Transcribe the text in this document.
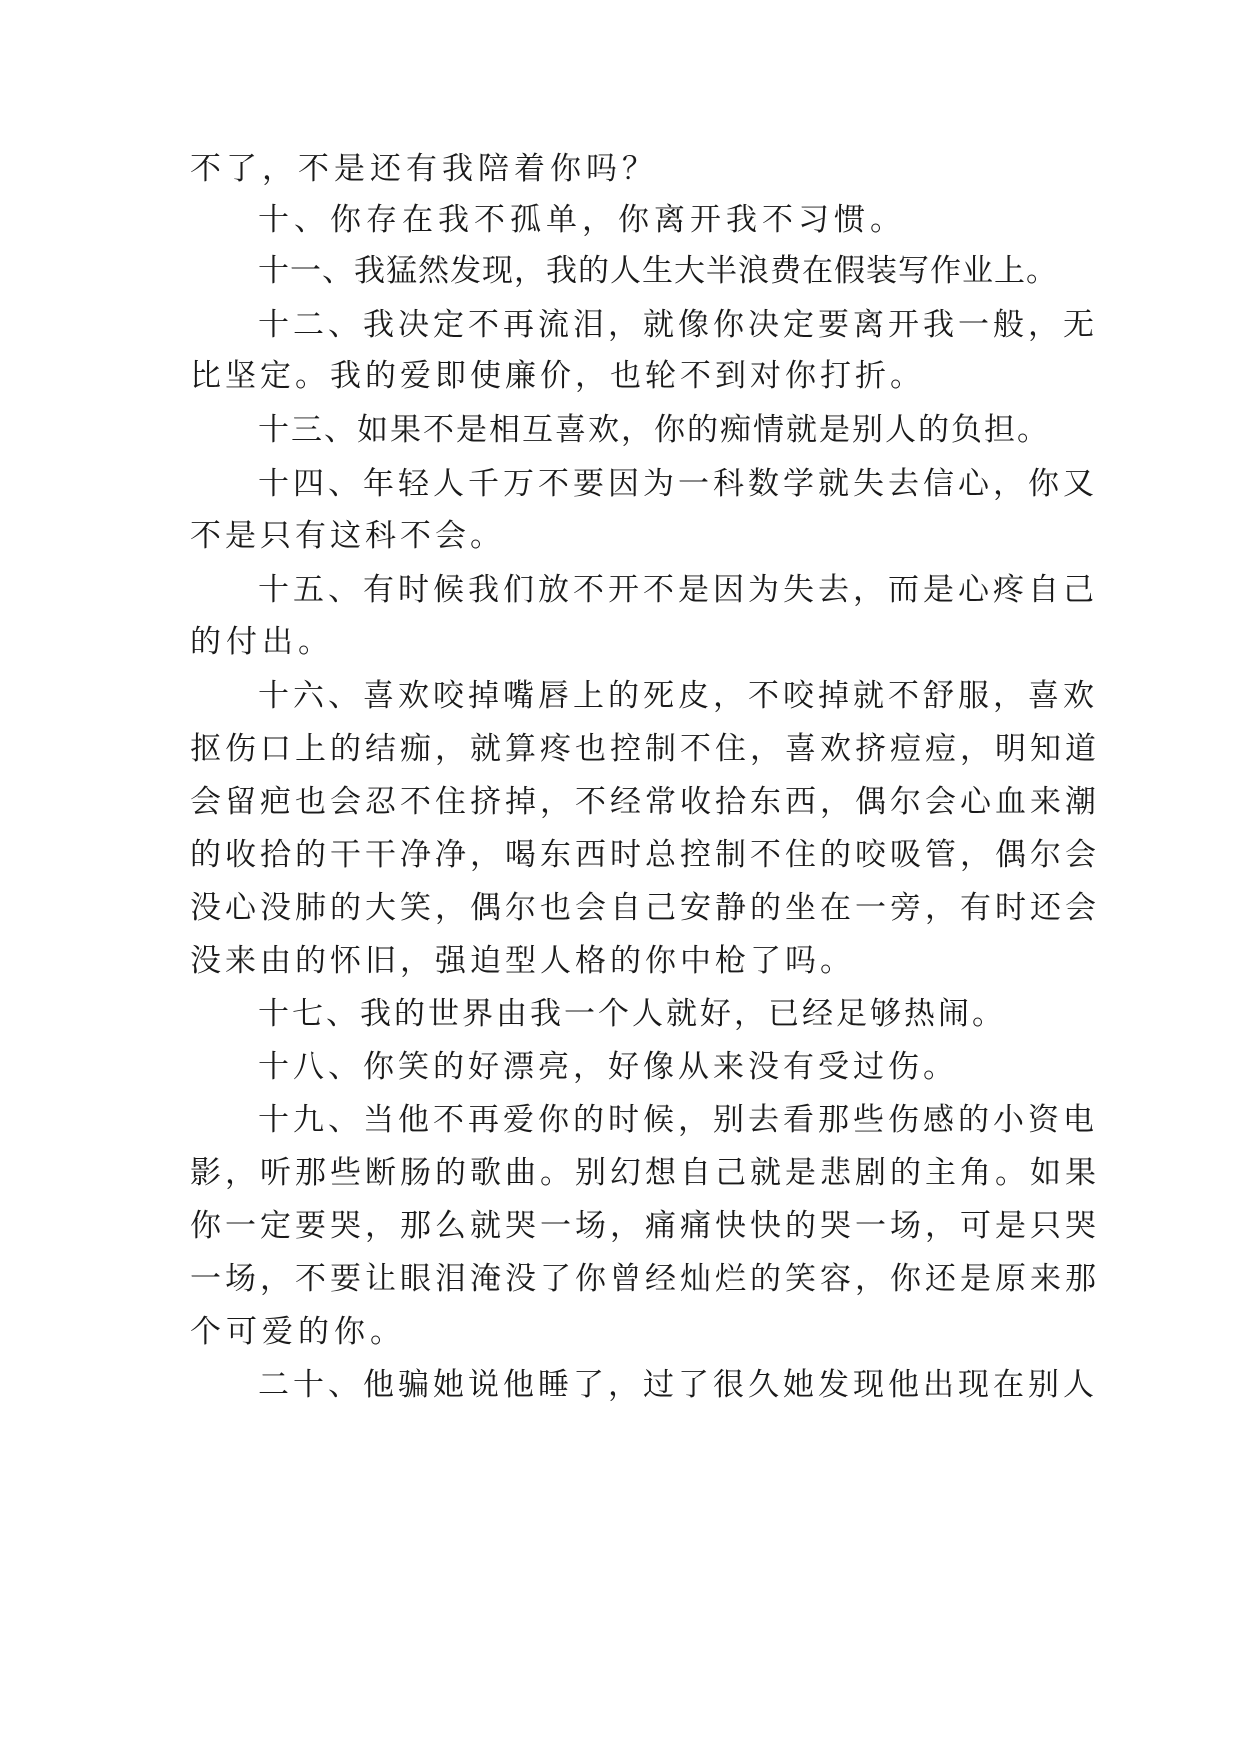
不了，不是还有我陪着你吗？
十、你存在我不孤单，你离开我不习惯。
十一、我猛然发现，我的人生大半浪费在假装写作业上。
十二、我决定不再流泪，就像你决定要离开我一般，无
比坚定。我的爱即使廉价，也轮不到对你打折。
十三、如果不是相互喜欢，你的痴情就是别人的负担。
十四、年轻人千万不要因为一科数学就失去信心，你又
不是只有这科不会。
十五、有时候我们放不开不是因为失去，而是心疼自己
的付出。
十六、喜欢咬掉嘴唇上的死皮，不咬掉就不舒服，喜欢
抠伤口上的结痂，就算疼也控制不住，喜欢挤痘痘，明知道
会留疤也会忍不住挤掉，不经常收拾东西，偶尔会心血来潮
的收拾的干干净净，喝东西时总控制不住的咬吸管，偶尔会
没心没肺的大笑，偶尔也会自己安静的坐在一旁，有时还会
没来由的怀旧，强迫型人格的你中枪了吗。
十七、我的世界由我一个人就好，已经足够热闹。
十八、你笑的好漂亮，好像从来没有受过伤。
十九、当他不再爱你的时候，别去看那些伤感的小资电
影，听那些断肠的歌曲。别幻想自己就是悲剧的主角。如果
你一定要哭，那么就哭一场，痛痛快快的哭一场，可是只哭
一场，不要让眼泪淹没了你曾经灿烂的笑容，你还是原来那
个可爱的你。
二十、他骗她说他睡了，过了很久她发现他出现在别人
